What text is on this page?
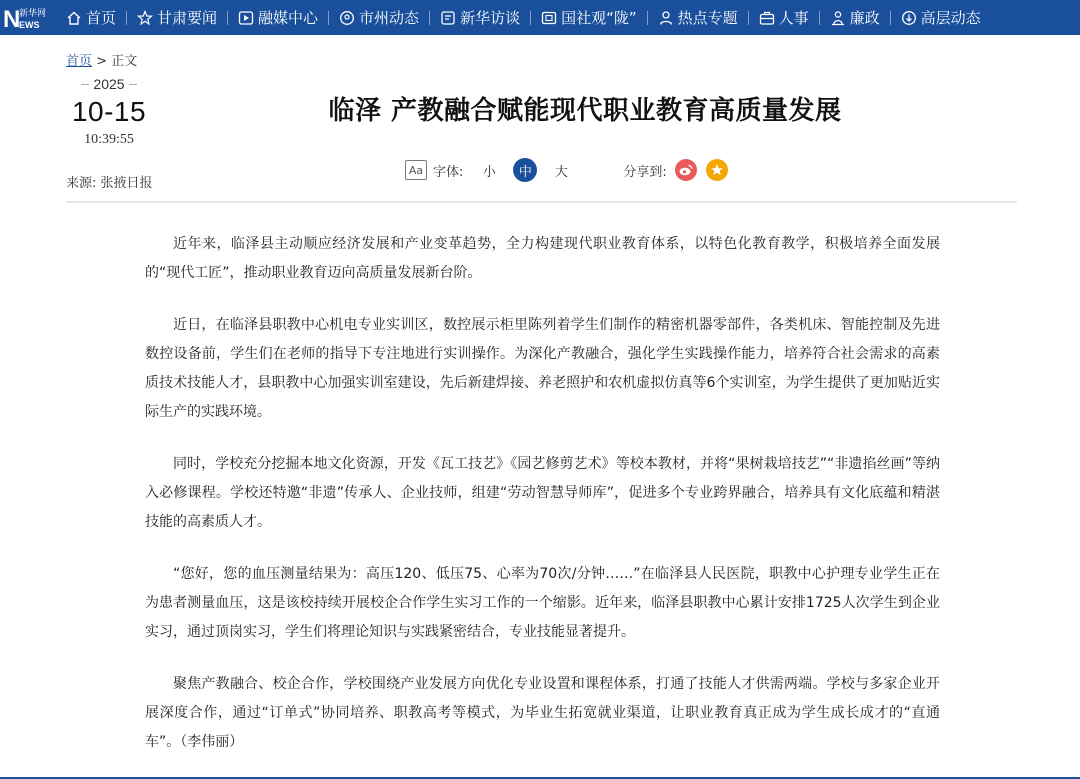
N
新华网
EWS	首页	甘肃要闻	融媒中心	市州动态	新华访谈	国社观“陇”	热点专题	人事	廉政	高层动态
首页 > 正文
2025
10-15
10:39:55
来源: 张掖日报
临泽 产教融合赋能现代职业教育高质量发展
Aa 字体:	小	中	大	分享到:

近年来，临泽县主动顺应经济发展和产业变革趋势，全力构建现代职业教育体系，以特色化教育教学，积极培养全面发展的“现代工匠”，推动职业教育迈向高质量发展新台阶。

近日，在临泽县职教中心机电专业实训区，数控展示柜里陈列着学生们制作的精密机器零部件，各类机床、智能控制及先进数控设备前，学生们在老师的指导下专注地进行实训操作。为深化产教融合，强化学生实践操作能力，培养符合社会需求的高素质技术技能人才，县职教中心加强实训室建设，先后新建焊接、养老照护和农机虚拟仿真等6个实训室，为学生提供了更加贴近实际生产的实践环境。

同时，学校充分挖掘本地文化资源，开发《瓦工技艺》《园艺修剪艺术》等校本教材，并将“果树栽培技艺”“非遗掐丝画”等纳入必修课程。学校还特邀“非遗”传承人、企业技师，组建“劳动智慧导师库”，促进多个专业跨界融合，培养具有文化底蕴和精湛技能的高素质人才。

“您好，您的血压测量结果为：高压120、低压75、心率为70次/分钟……”在临泽县人民医院，职教中心护理专业学生正在为患者测量血压，这是该校持续开展校企合作学生实习工作的一个缩影。近年来，临泽县职教中心累计安排1725人次学生到企业实习，通过顶岗实习，学生们将理论知识与实践紧密结合，专业技能显著提升。

聚焦产教融合、校企合作，学校围绕产业发展方向优化专业设置和课程体系，打通了技能人才供需两端。学校与多家企业开展深度合作，通过“订单式”协同培养、职教高考等模式，为毕业生拓宽就业渠道，让职业教育真正成为学生成长成才的“直通车”。（李伟丽）
